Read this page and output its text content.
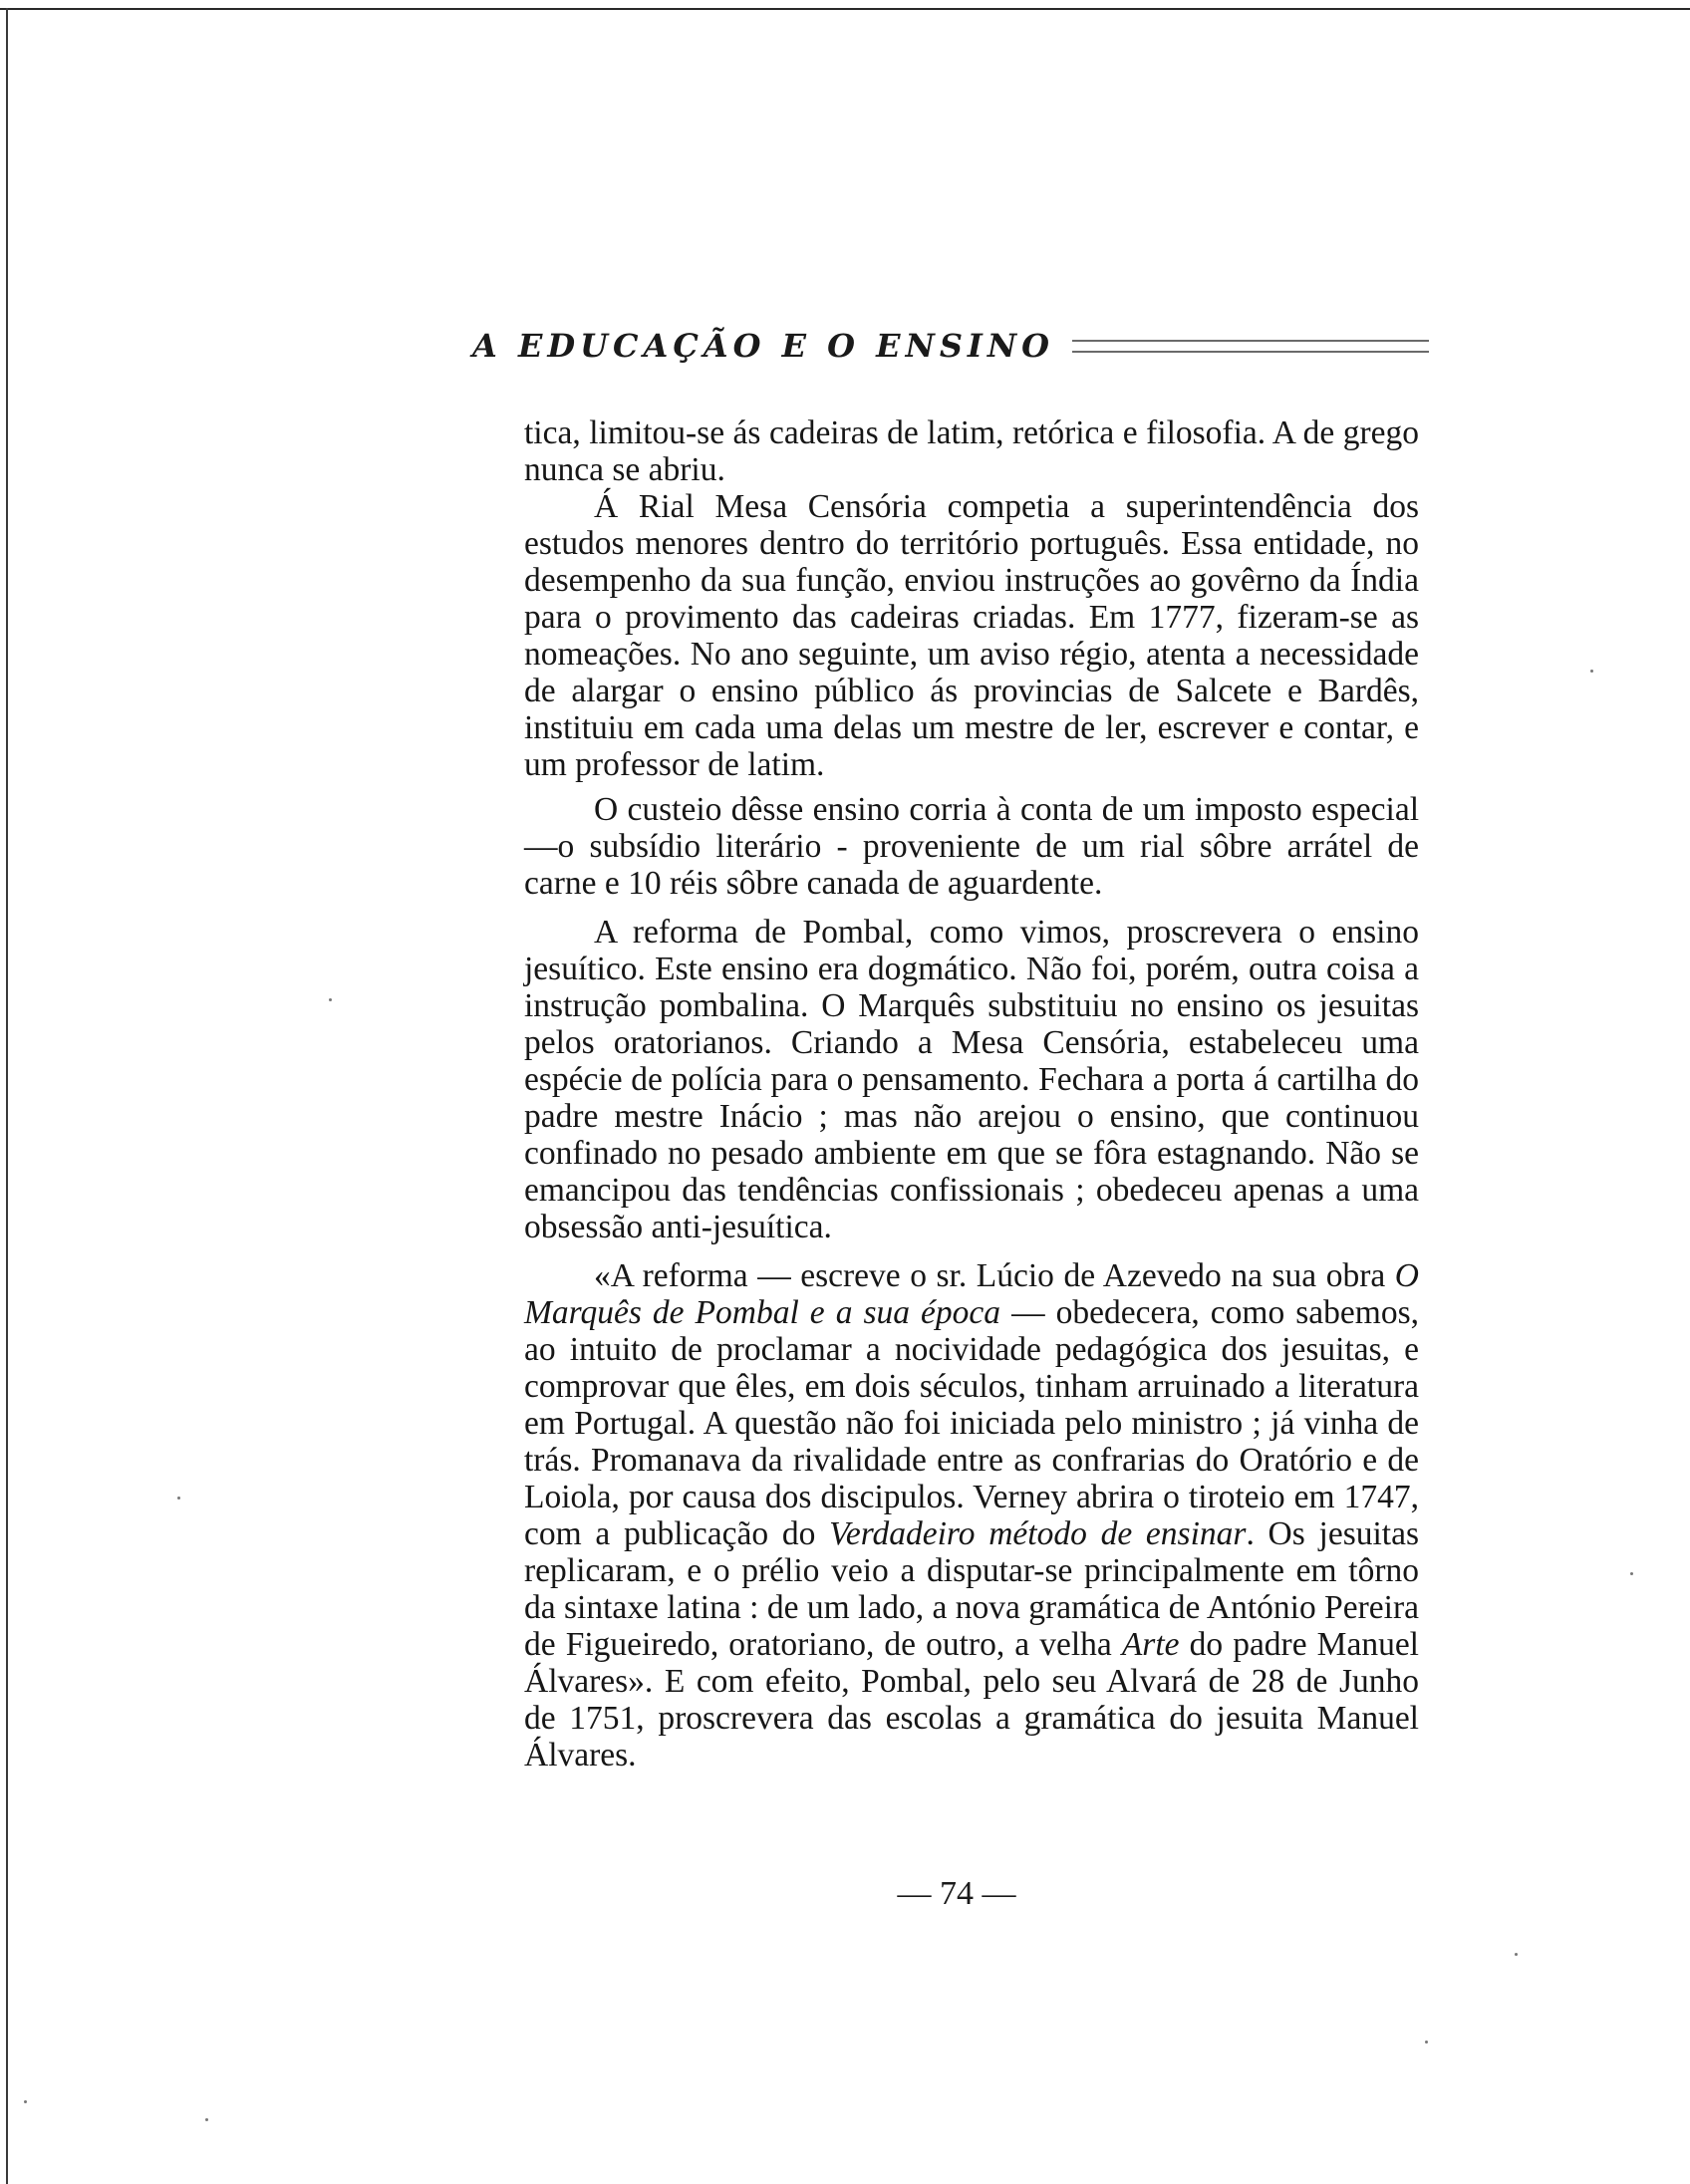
A EDUCAÇÃO E O ENSINO

tica, limitou-se ás cadeiras de latim, retórica e filosofia. A de grego nunca se abriu.

Á Rial Mesa Censória competia a superintendência dos estudos menores dentro do território português. Essa entidade, no desempenho da sua função, enviou instruções ao govêrno da Índia para o provimento das cadeiras criadas. Em 1777, fizeram-se as nomeações. No ano seguinte, um aviso régio, atenta a necessidade de alargar o ensino público ás provincias de Salcete e Bardês, instituiu em cada uma delas um mestre de ler, escrever e contar, e um professor de latim.

O custeio dêsse ensino corria à conta de um imposto especial—o subsídio literário - proveniente de um rial sôbre arrátel de carne e 10 réis sôbre canada de aguardente.

A reforma de Pombal, como vimos, proscrevera o ensino jesuítico. Este ensino era dogmático. Não foi, porém, outra coisa a instrução pombalina. O Marquês substituiu no ensino os jesuitas pelos oratorianos. Criando a Mesa Censória, estabeleceu uma espécie de polícia para o pensamento. Fechara a porta á cartilha do padre mestre Inácio ; mas não arejou o ensino, que continuou confinado no pesado ambiente em que se fôra estagnando. Não se emancipou das tendências confissionais ; obedeceu apenas a uma obsessão anti-jesuítica.

«A reforma — escreve o sr. Lúcio de Azevedo na sua obra O Marquês de Pombal e a sua época — obedecera, como sabemos, ao intuito de proclamar a nocividade pedagógica dos jesuitas, e comprovar que êles, em dois séculos, tinham arruinado a literatura em Portugal. A questão não foi iniciada pelo ministro ; já vinha de trás. Promanava da rivalidade entre as confrarias do Oratório e de Loiola, por causa dos discipulos. Verney abrira o tiroteio em 1747, com a publicação do Verdadeiro método de ensinar. Os jesuitas replicaram, e o prélio veio a disputar-se principalmente em tôrno da sintaxe latina : de um lado, a nova gramática de António Pereira de Figueiredo, oratoriano, de outro, a velha Arte do padre Manuel Álvares». E com efeito, Pombal, pelo seu Alvará de 28 de Junho de 1751, proscrevera das escolas a gramática do jesuita Manuel Álvares.

— 74 —
